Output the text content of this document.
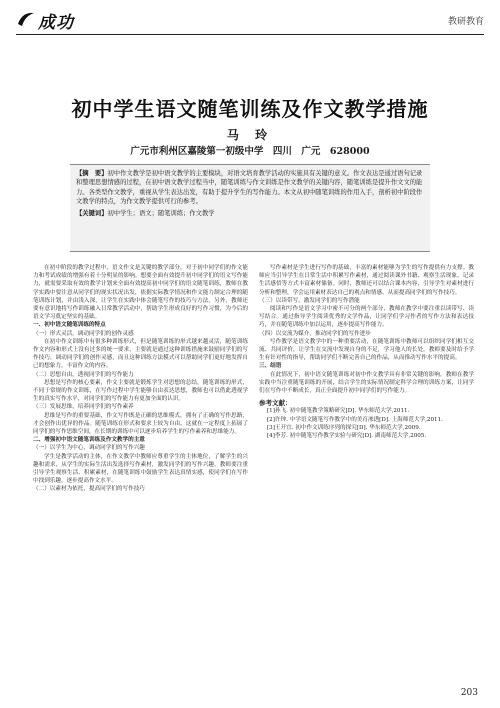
成功	教研教育
初中学生语文随笔训练及作文教学措施
马 玲
广元市利州区嘉陵第一初级中学　四川　广元　628000
【摘　要】初中作文教学是初中语文教学的主要模块，对语文培育教学活动的实施具有关键的意义。作文表达是通过语句记录和整理思想情感的过程，在初中语文教学过程当中，随笔训练与作文训练是作文教学的关键内容，随笔训练是提升作文文的能力。各类型作文教学，重视从学生表达出发，有助于提升学生的写作能力。本文从初中随笔训练的作用入手，剖析初中阶段作文教学的特点，为作文教学提供可行的参考。
【关键词】初中学生；语文；随笔训练；作文教学

在初中阶段的教学过程中，语文作文是关键的教学部分，对于初中同学们的作文能力和考试成绩的增强有着十分明显的影响。想要全面有效提升初中同学们的语文写作能力，就需要采取有效的教学计划来全面有效提高初中同学们的语文随笔训练，教师在教学实践中要注意从同学们的现实状况出发，依据实际教学情况和作文能力制定合理的随笔训练计划，并由浅入深，让学生在实践中体会随笔写作的技巧与方法。另外，教师还要有意识地将写作训练融入日常教学活动中，帮助学生形成良好的写作习惯，为今后的语文学习奠定坚实的基础。

一、初中语文随笔训练的特点

（一）形式灵活，调动同学们的创作灵感

在初中作文训练中有很多种训练形式，但是随笔训练的形式越来越灵活，随笔训练作文内容和形式上没有过多的统一要求，主要就是通过这种训练措施来鼓励同学们的写作技巧，调动同学们的创作灵感，而且这种训练方法模式可以帮助同学们更好地发挥自己的想象力，丰富作文的内容。

（二）思想自由，透视同学们的写作能力

思想是写作的核心要素，作文主要就是锻炼学生对思想的总结，随笔训练的形式，不同于常规的作文训练，在写作过程中学生能够自由表达思想，教师也可以借此透视学生的真实写作水平，对同学们的写作能力有更加全面的认识。

（三）发展思维，培养同学们的写作素养

思维是写作的重要基础，作文写作既是正确的思维模式，拥有了正确的写作思路，才会创作出优异的作品。随笔训练在形式和要求上较为自由，这就在一定程度上拓展了同学们的写作思维空间，在长期的训练中可以逐步培养学生的写作素养和思维能力。

二、增强初中语文随笔训练及作文教学的主意

（一）以学生为中心，调动同学们的写作兴趣

学生是教学活动的主体，在作文教学中教师应尊重学生的主体地位，了解学生的兴趣和需求，从学生的实际生活出发选择写作素材，激发同学们的写作兴趣。教师要注重引导学生观察生活、积累素材，在随笔训练中鼓励学生表达真情实感，使同学们在写作中找到乐趣，逐步提高作文水平。

（二）以素材为依托，提高同学们的写作技巧

写作素材是学生进行写作的基础，丰富的素材能够为学生的写作提供有力支撑。教师应当引导学生在日常生活中积累写作素材，通过阅读课外书籍、观察生活现象、记录生活感悟等方式丰富素材储备。同时，教师还可以结合课本内容，引导学生对素材进行分析和整理，学会运用素材表达自己的观点和情感，从而提高同学们的写作技巧。

（三）以读带写，激发同学们的写作潜能

阅读和写作是语文学习中密不可分的两个部分，教师在教学中要注重以读带写、读写结合。通过指导学生阅读优秀的文学作品，让同学们学习作者的写作方法和表达技巧，并在随笔训练中加以运用，逐步提高写作能力。

（四）以交流为媒介，推动同学们的写作进步

写作教学是语文教学中的一种重要活动，在随笔训练中教师可以组织同学们相互交流、共同评价，让学生在交流中发现自身的不足，学习他人的长处。教师要及时给予学生有针对性的指导，帮助同学们不断完善自己的作品，从而推动写作水平的提高。

三、结语

在此情况下，初中语文随笔训练对初中作文教学具有非常关键的影响。教师在教学实践中当注重随笔训练的开展，结合学生的实际情况制定科学合理的训练方案，让同学们在写作中不断成长，真正全面提升初中同学们的写作能力。

参考文献：

[1]孙飞. 初中随笔教学策略研究[D]. 华东师范大学,2011.

[2]许钟. 中学语文随笔写作教学中的美育渗透[D]. 上海师范大学,2011.

[3]王开宜. 初中作文训练序列的探究[D]. 华东师范大学,2009.

[4]李芳. 初中随笔写作教学实验与研究[D]. 湖南师范大学,2005.

203
